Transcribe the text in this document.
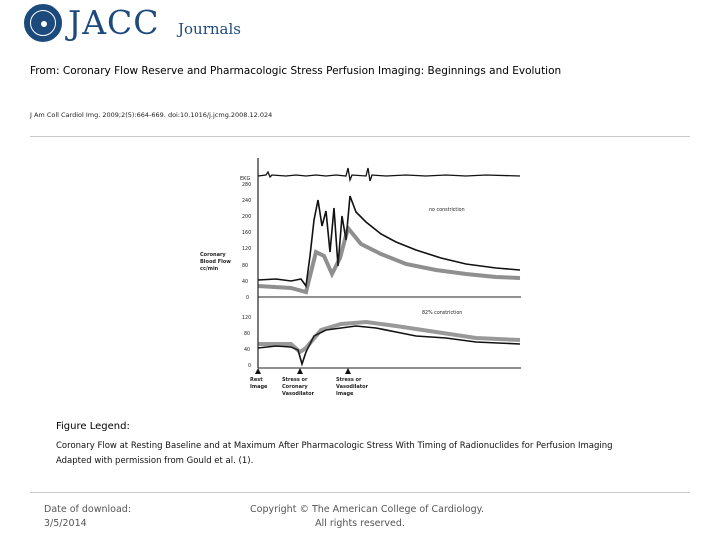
JACC Journals
From: Coronary Flow Reserve and Pharmacologic Stress Perfusion Imaging: Beginnings and Evolution
J Am Coll Cardiol Img. 2009;2(5):664-669. doi:10.1016/j.jcmg.2008.12.024
EKG
280
240
200
160
120
80
40
0
Coronary
Blood Flow
cc/min
no constriction
120
80
40
0
82% constriction
Rest
Image
Stress or
Coronary
Vasodilator
Stress or
Vasodilator
Image
Figure Legend:
Coronary Flow at Resting Baseline and at Maximum After Pharmacologic Stress With Timing of Radionuclides for Perfusion Imaging
Adapted with permission from Gould et al. (1).
Date of download:
3/5/2014
Copyright © The American College of Cardiology.
All rights reserved.
